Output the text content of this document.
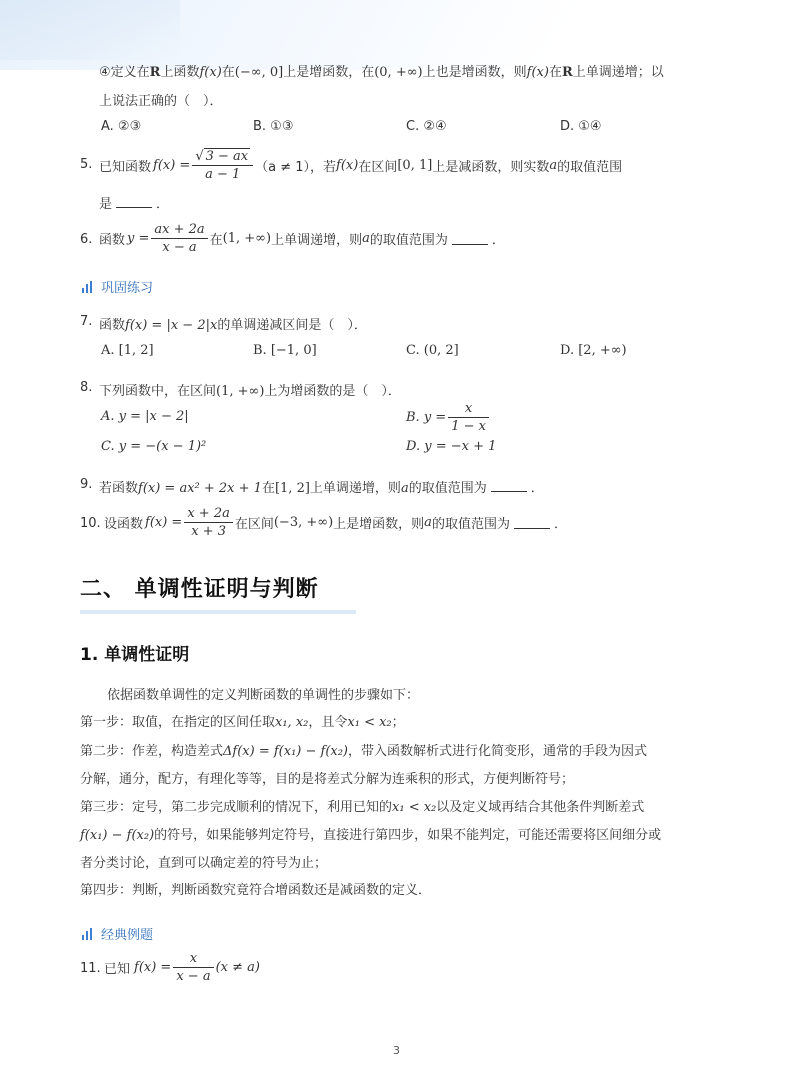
④定义在R上函数f(x)在(−∞, 0]上是增函数，在(0, +∞)上也是增函数，则f(x)在R上单调递增；以
上说法正确的（　）．
A. ②③	B. ①③	C. ②④	D. ①④
5. 已知函数 $f(x) = \frac{√ 3 - ax}{a - 1} (a \ne 1)$，若 f(x) 在区间 [0, 1] 上是减函数，则实数 a 的取值范围
是	．
6. 函数 $y = \frac{ax + 2a}{x - a}$ 在 (1, +∞) 上单调递增，则 a 的取值范围为	．
巩固练习
7. 函数f(x) = |x − 2|x的单调递减区间是（　）．
A. [1, 2]	B. [−1, 0]	C. (0, 2]	D. [2, +∞)
8. 下列函数中，在区间(1, +∞)上为增函数的是（　）．
A. y = |x − 2|	B. $y = \frac{x}{1 - x}$
C. y = −(x − 1)²	D. y = −x + 1
9. 若函数f(x) = ax² + 2x + 1在[1, 2]上单调递增，则a的取值范围为	．
10. 设函数 $f(x) = \frac{x + 2a}{x + 3}$ 在区间 (−3, +∞) 上是增函数，则 a 的取值范围为	．
二、 单调性证明与判断
1. 单调性证明
依据函数单调性的定义判断函数的单调性的步骤如下：
第一步：取值，在指定的区间任取x₁, x₂，且令x₁ < x₂；
第二步：作差，构造差式Δf(x) = f(x₁) − f(x₂)，带入函数解析式进行化简变形，通常的手段为因式
分解，通分，配方，有理化等等，目的是将差式分解为连乘积的形式，方便判断符号；
第三步：定号，第二步完成顺利的情况下，利用已知的x₁ < x₂以及定义域再结合其他条件判断差式
f(x₁) − f(x₂)的符号，如果能够判定符号，直接进行第四步，如果不能判定，可能还需要将区间细分或
者分类讨论，直到可以确定差的符号为止；
第四步：判断，判断函数究竟符合增函数还是减函数的定义．
经典例题
11. 已知 $f(x) = \frac{x}{x - a} (x \ne a)$
3
